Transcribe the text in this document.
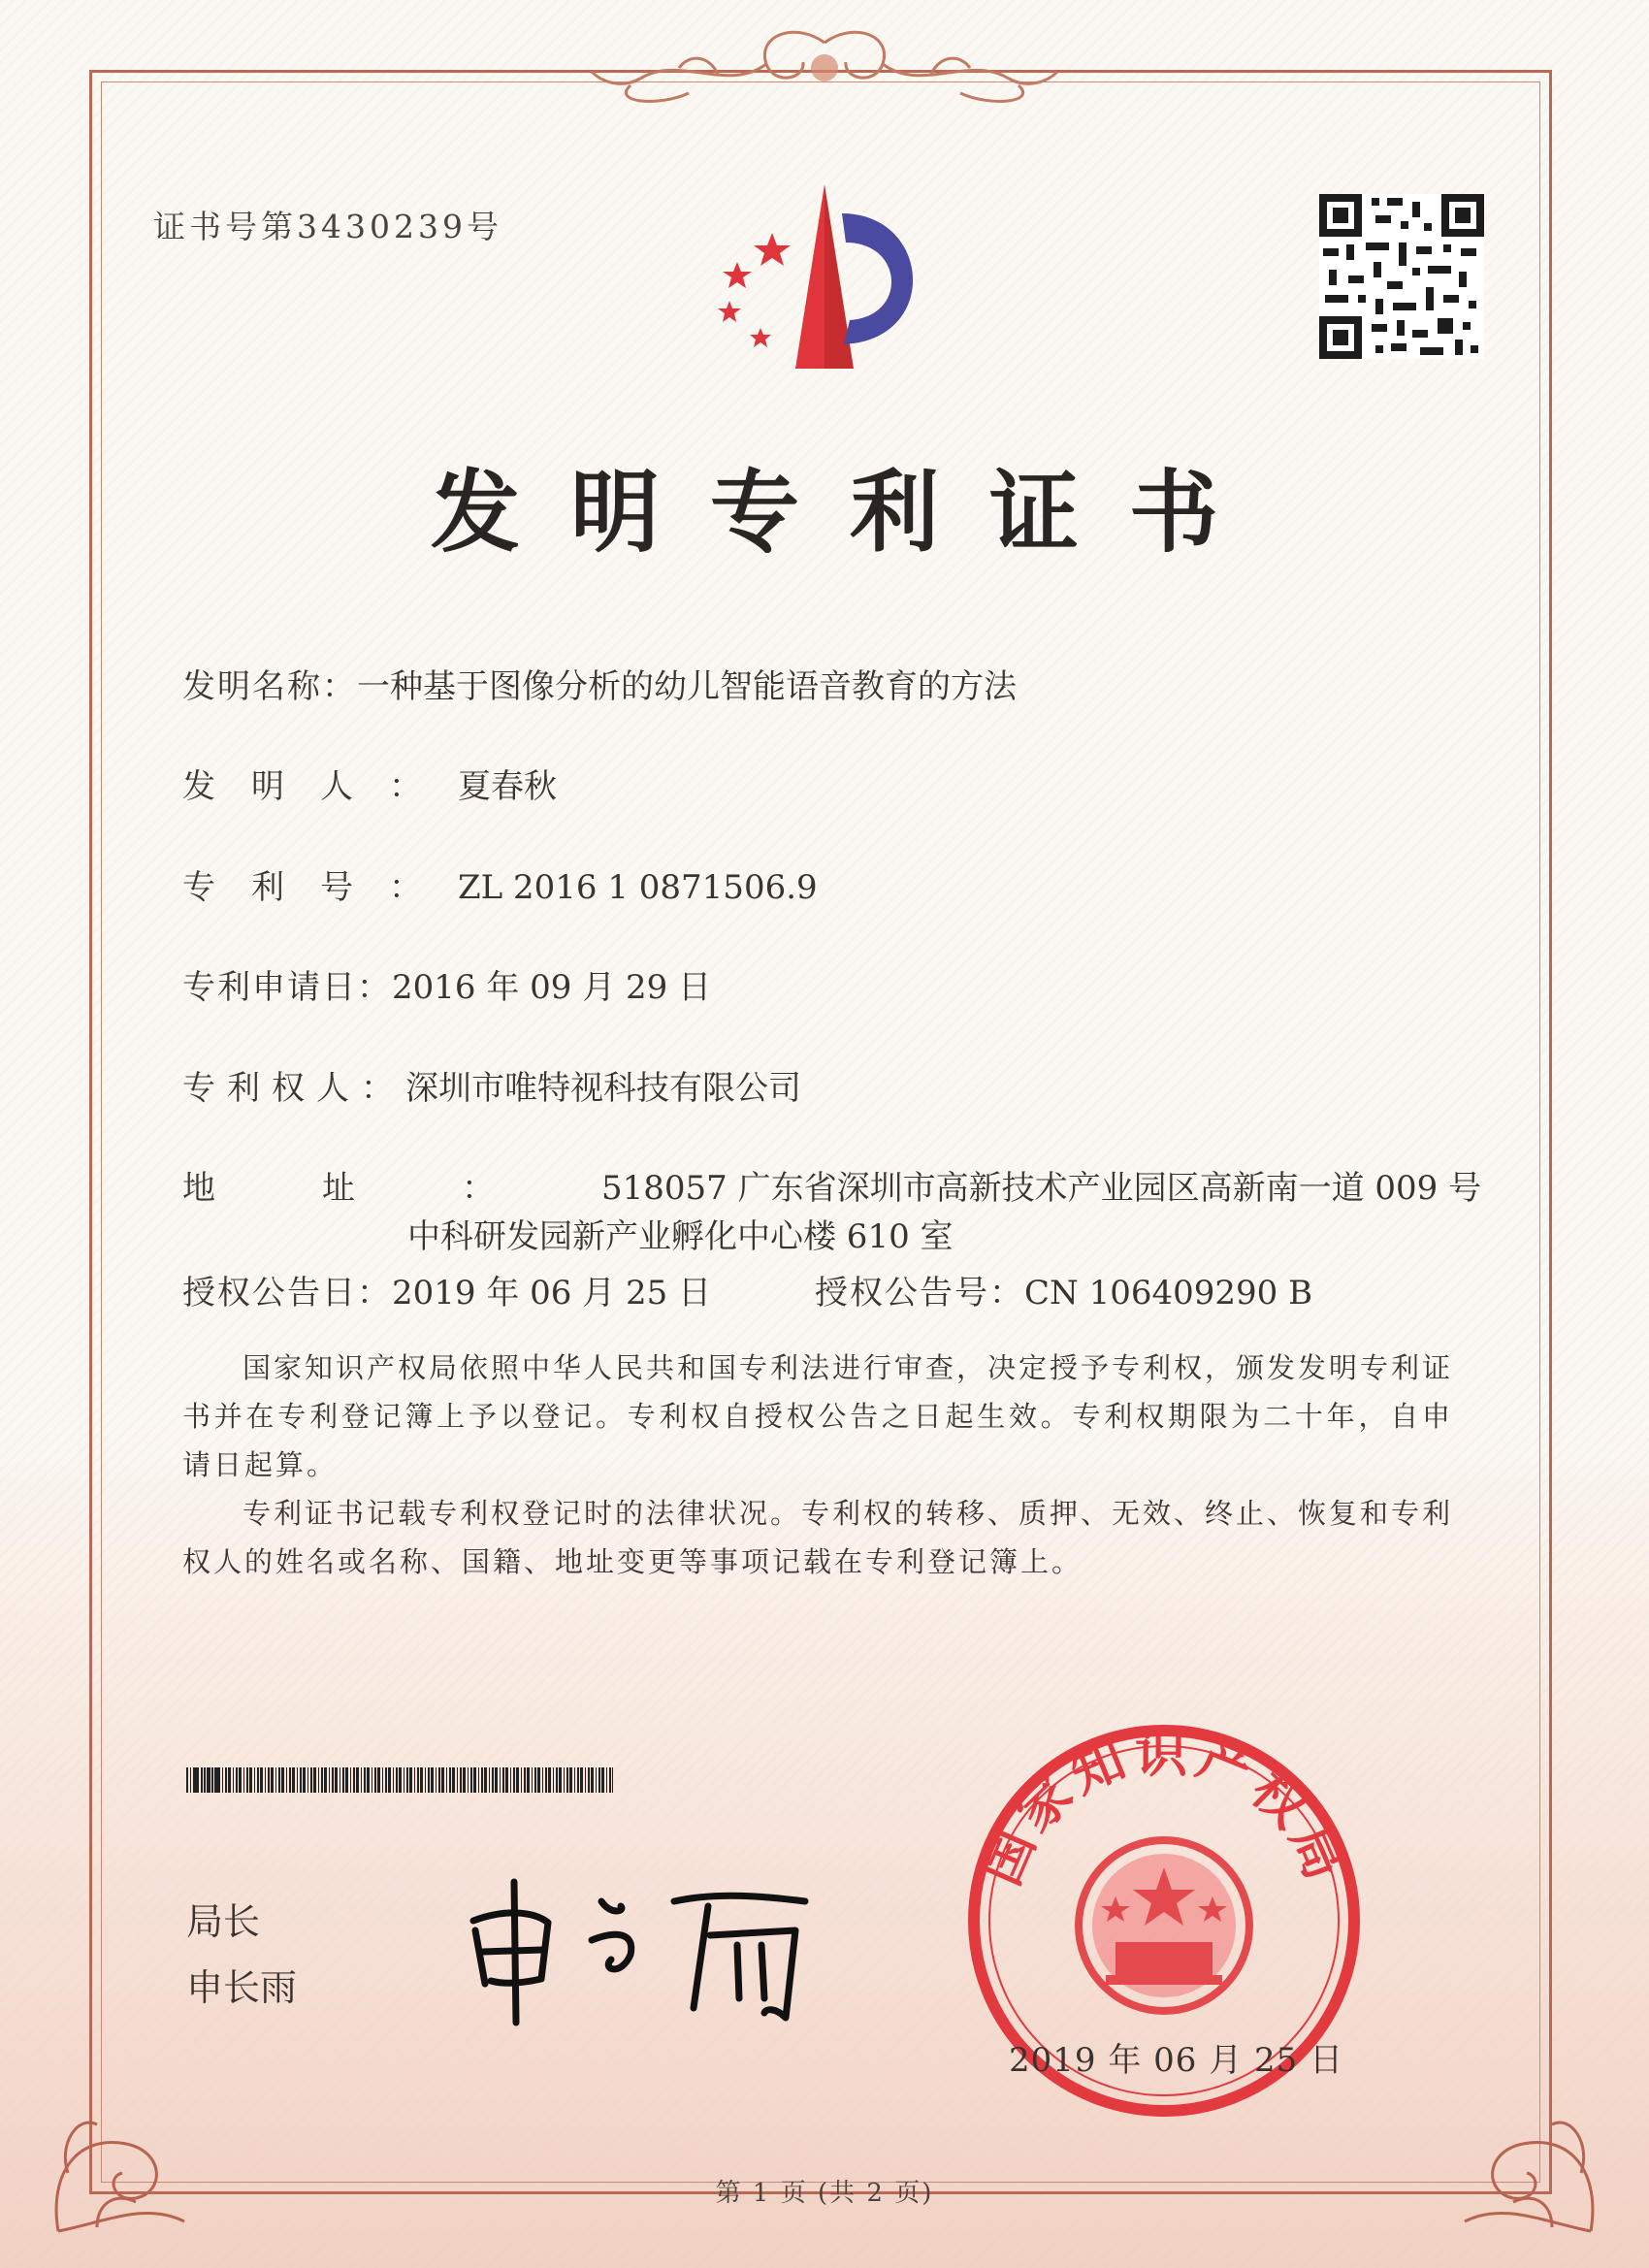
证书号第3430239号
发明专利证书
发明名称：一种基于图像分析的幼儿智能语音教育的方法
发明人：夏春秋
专利号：ZL 2016 1 0871506.9
专利申请日：2016 年 09 月 29 日
专利权人：深圳市唯特视科技有限公司
地址：518057 广东省深圳市高新技术产业园区高新南一道 009 号
中科研发园新产业孵化中心楼 610 室
授权公告日：2019 年 06 月 25 日	授权公告号：CN 106409290 B
国家知识产权局依照中华人民共和国专利法进行审查，决定授予专利权，颁发发明专利证书并在专利登记簿上予以登记。专利权自授权公告之日起生效。专利权期限为二十年，自申请日起算。
专利证书记载专利权登记时的法律状况。专利权的转移、质押、无效、终止、恢复和专利权人的姓名或名称、国籍、地址变更等事项记载在专利登记簿上。
局长
申长雨
国家知识产权局
2019 年 06 月 25 日
第 1 页 (共 2 页)
